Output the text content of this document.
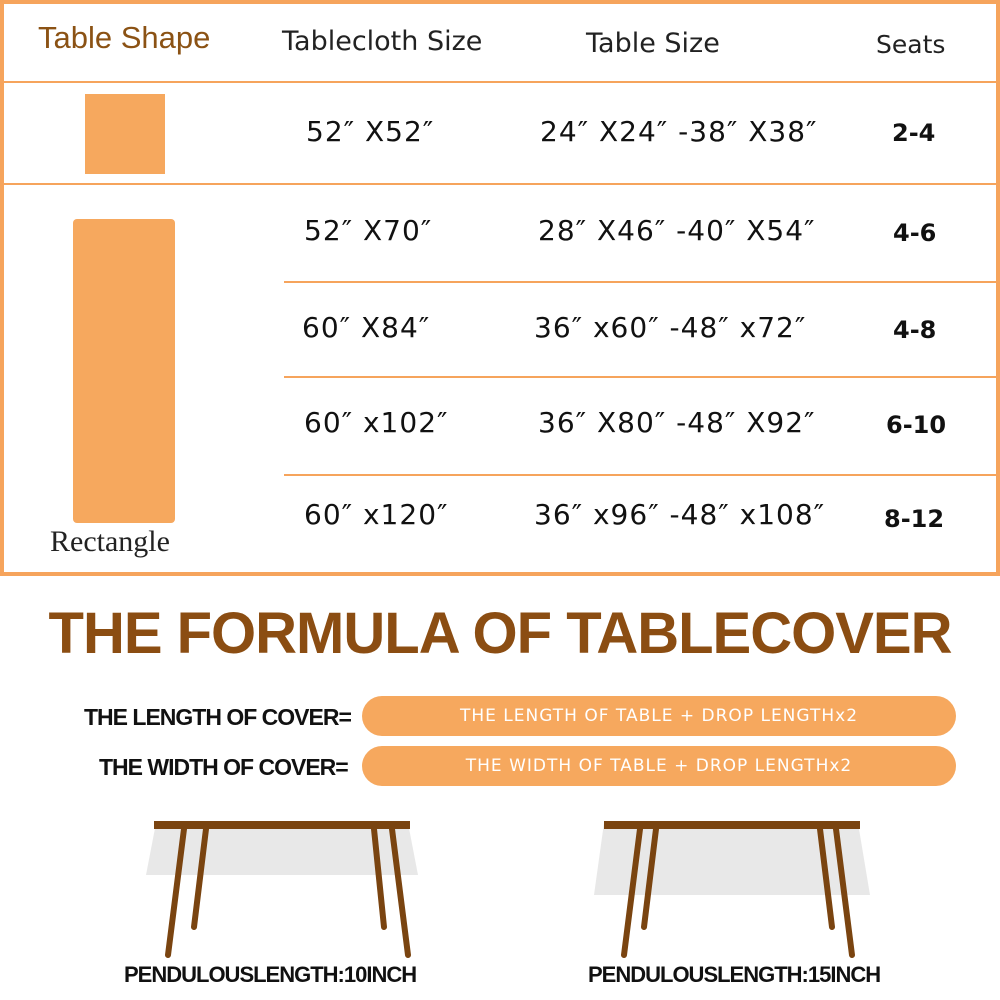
Table Shape	Tablecloth Size	Table Size	Seats
Rectangle
52″ X52″	24″ X24″ -38″ X38″	2-4
52″ X70″	28″ X46″ -40″ X54″	4-6
60″ X84″	36″ x60″ -48″ x72″	4-8
60″ x102″	36″ X80″ -48″ X92″	6-10
60″ x120″	36″ x96″ -48″ x108″ 8-12
THE FORMULA OF TABLECOVER
THE LENGTH OF COVER=	THE LENGTH OF TABLE + DROP LENGTHx2
THE WIDTH OF COVER=	THE WIDTH OF TABLE + DROP LENGTHx2
PENDULOUSLENGTH:10INCH	PENDULOUSLENGTH:15INCH
